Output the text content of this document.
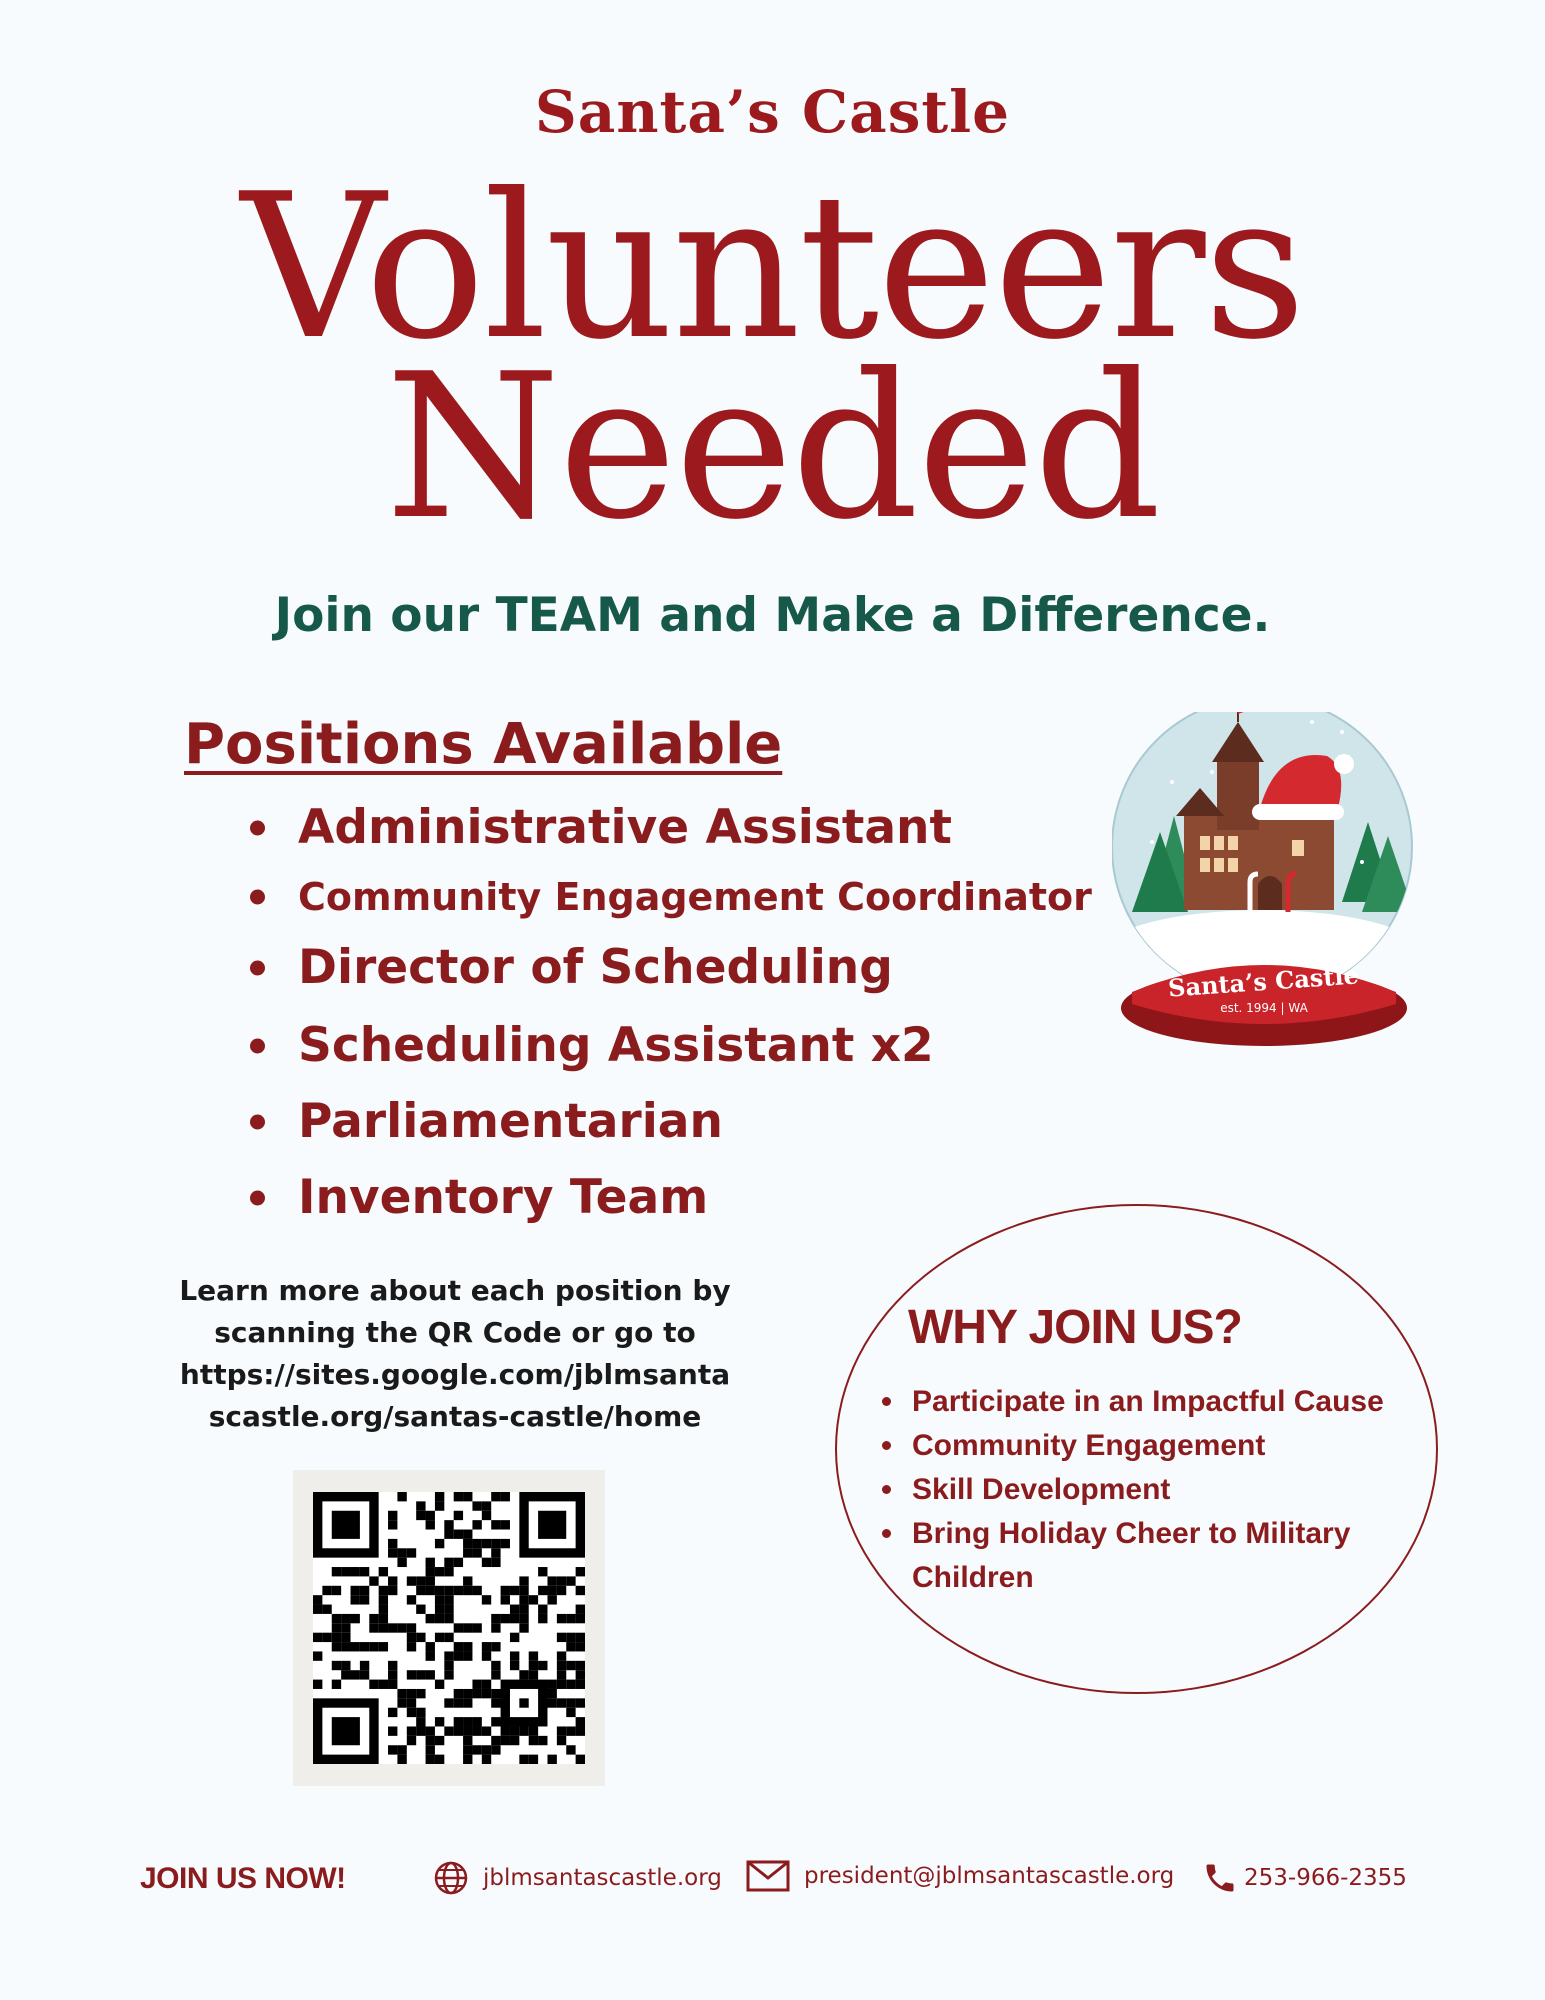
Santa’s Castle
Volunteers
Needed
Join our TEAM and Make a Difference.
Positions Available
Administrative Assistant
Community Engagement Coordinator
Director of Scheduling
Scheduling Assistant x2
Parliamentarian
Inventory Team
Learn more about each position by
scanning the QR Code or go to
https://sites.google.com/jblmsanta
scastle.org/santas-castle/home
Santa’s Castle
est. 1994 | WA
WHY JOIN US?
Participate in an Impactful Cause
Community Engagement
Skill Development
Bring Holiday Cheer to Military Children
JOIN US NOW!	jblmsantascastle.org	president@jblmsantascastle.org	253-966-2355
